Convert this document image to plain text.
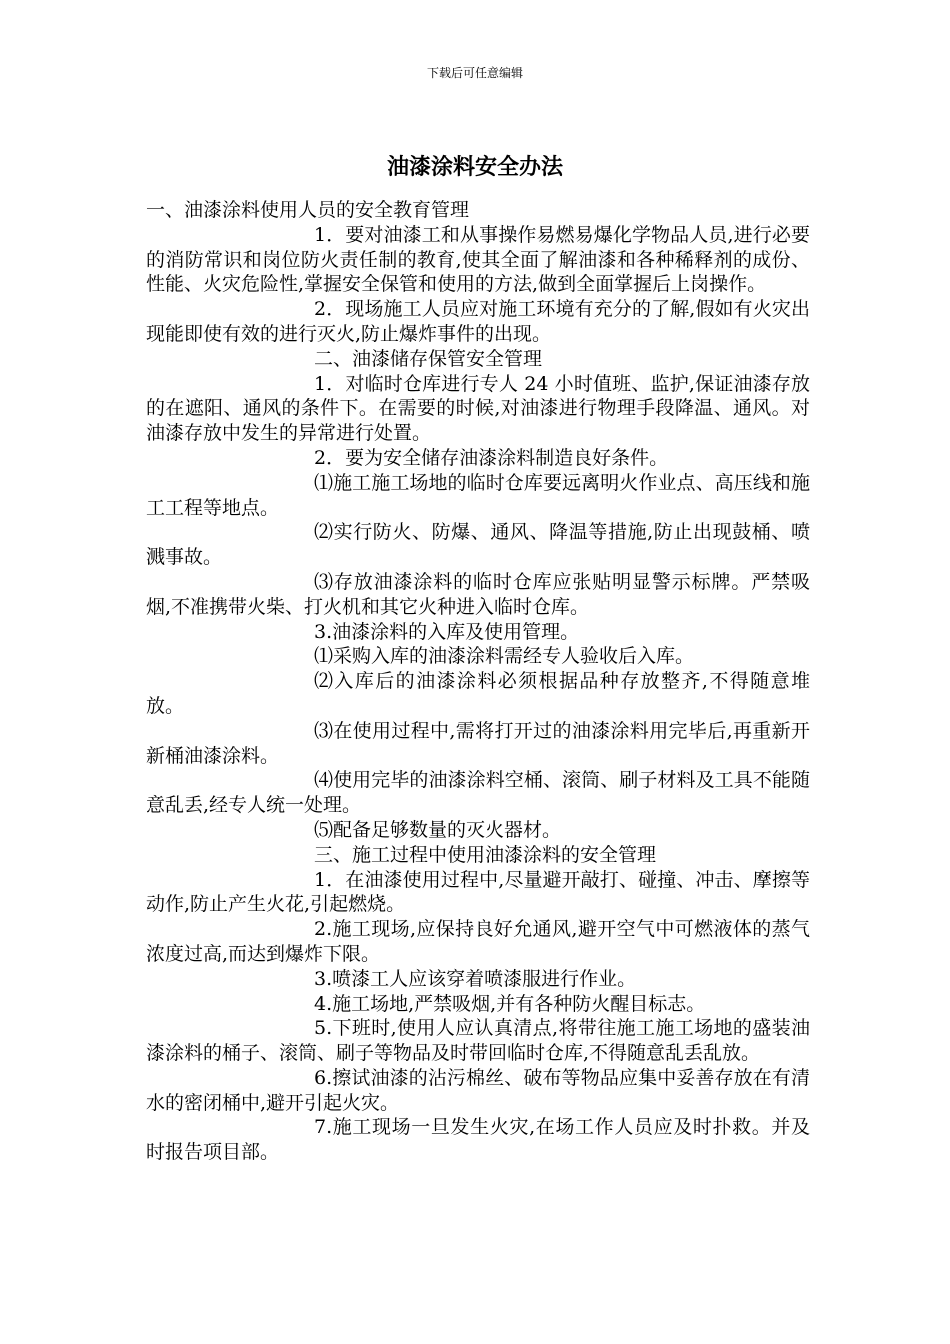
下载后可任意编辑
油漆涂料安全办法

一、油漆涂料使用人员的安全教育管理

1．要对油漆工和从事操作易燃易爆化学物品人员,进行必要的消防常识和岗位防火责任制的教育,使其全面了解油漆和各种稀释剂的成份、性能、火灾危险性,掌握安全保管和使用的方法,做到全面掌握后上岗操作。

2．现场施工人员应对施工环境有充分的了解,假如有火灾出现能即使有效的进行灭火,防止爆炸事件的出现。

二、油漆储存保管安全管理

1．对临时仓库进行专人 24 小时值班、监护,保证油漆存放的在遮阳、通风的条件下。在需要的时候,对油漆进行物理手段降温、通风。对油漆存放中发生的异常进行处置。

2．要为安全储存油漆涂料制造良好条件。

⑴施工施工场地的临时仓库要远离明火作业点、高压线和施工工程等地点。

⑵实行防火、防爆、通风、降温等措施,防止出现鼓桶、喷溅事故。

⑶存放油漆涂料的临时仓库应张贴明显警示标牌。严禁吸烟,不准携带火柴、打火机和其它火种进入临时仓库。

3.油漆涂料的入库及使用管理。

⑴采购入库的油漆涂料需经专人验收后入库。

⑵入库后的油漆涂料必须根据品种存放整齐,不得随意堆放。

⑶在使用过程中,需将打开过的油漆涂料用完毕后,再重新开新桶油漆涂料。

⑷使用完毕的油漆涂料空桶、滚筒、刷子材料及工具不能随意乱丢,经专人统一处理。

⑸配备足够数量的灭火器材。

三、施工过程中使用油漆涂料的安全管理

1．在油漆使用过程中,尽量避开敲打、碰撞、冲击、摩擦等动作,防止产生火花,引起燃烧。

2.施工现场,应保持良好允通风,避开空气中可燃液体的蒸气浓度过高,而达到爆炸下限。

3.喷漆工人应该穿着喷漆服进行作业。

4.施工场地,严禁吸烟,并有各种防火醒目标志。

5.下班时,使用人应认真清点,将带往施工施工场地的盛装油漆涂料的桶子、滚筒、刷子等物品及时带回临时仓库,不得随意乱丢乱放。

6.擦试油漆的沾污棉丝、破布等物品应集中妥善存放在有清水的密闭桶中,避开引起火灾。

7.施工现场一旦发生火灾,在场工作人员应及时扑救。并及时报告项目部。
